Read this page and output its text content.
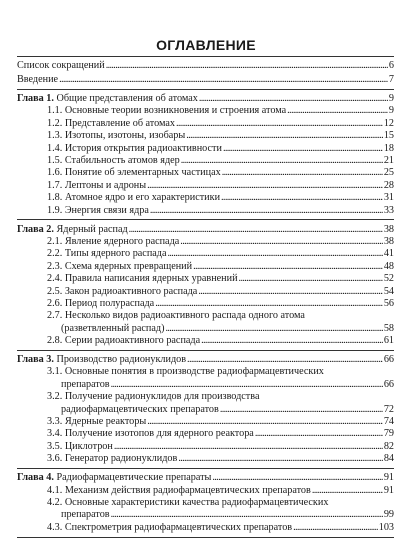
ОГЛАВЛЕНИЕ
Список сокращений . . .	6
Введение . . .	7
Глава 1. Общие представления об атомах . . .	9
1.1. Основные теории возникновения и строения атома . . .	9
1.2. Представление об атомах . . .	12
1.3. Изотопы, изотоны, изобары . . .	15
1.4. История открытия радиоактивности . . .	18
1.5. Стабильность атомов ядер . . .	21
1.6. Понятие об элементарных частицах . . .	25
1.7. Лептоны и адроны . . .	28
1.8. Атомное ядро и его характеристики . . .	31
1.9. Энергия связи ядра . . .	33
Глава 2. Ядерный распад . . .	38
2.1. Явление ядерного распада . . .	38
2.2. Типы ядерного распада . . .	41
2.3. Схема ядерных превращений . . .	48
2.4. Правила написания ядерных уравнений . . .	52
2.5. Закон радиоактивного распада . . .	54
2.6. Период полураспада . . .	56
2.7. Несколько видов радиоактивного распада одного атома
(разветвленный распад) . . .	58
2.8. Серии радиоактивного распада . . .	61
Глава 3. Производство радионуклидов . . .	66
3.1. Основные понятия в производстве радиофармацевтических
препаратов . . .	66
3.2. Получение радионуклидов для производства
радиофармацевтических препаратов . . .	72
3.3. Ядерные реакторы . . .	74
3.4. Получение изотопов для ядерного реактора . . .	79
3.5. Циклотрон . . .	82
3.6. Генератор радионуклидов . . .	84
Глава 4. Радиофармацевтические препараты . . .	91
4.1. Механизм действия радиофармацевтических препаратов . . .	91
4.2. Основные характеристики качества радиофармацевтических
препаратов . . .	99
4.3. Спектрометрия радиофармацевтических препаратов . . .	103
